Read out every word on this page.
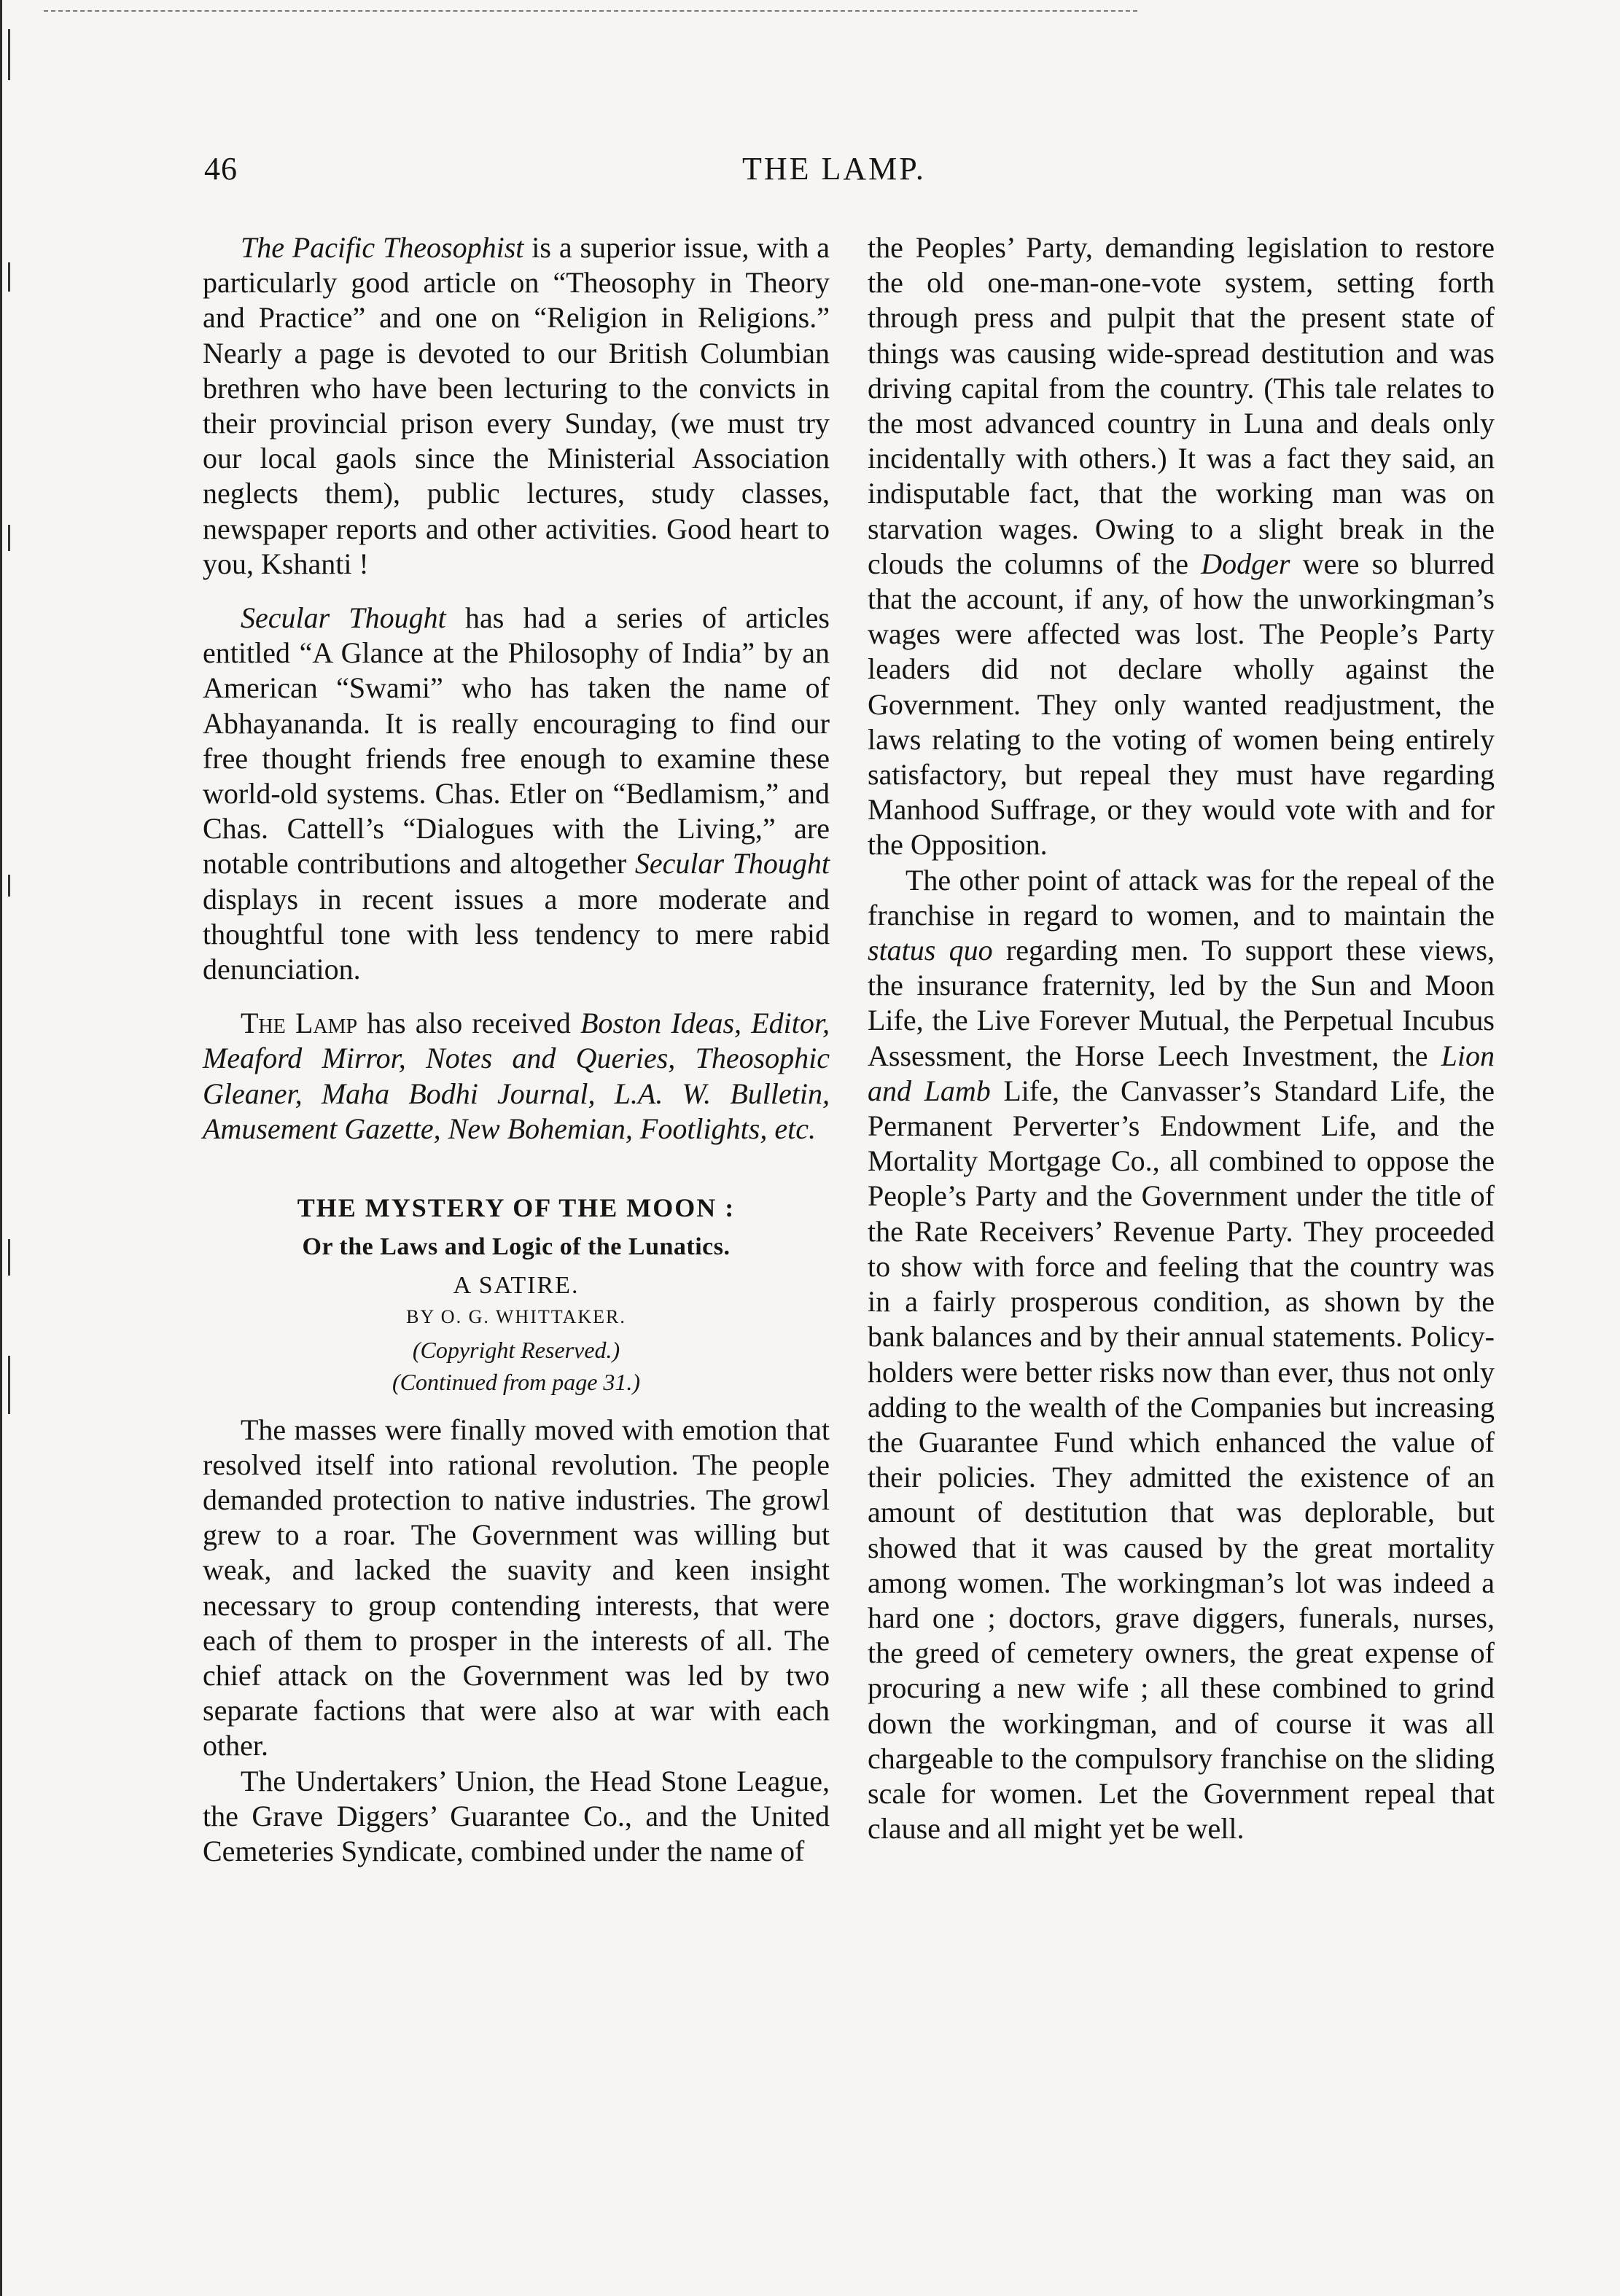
46	THE LAMP.

The Pacific Theosophist is a superior issue, with a particularly good article on “Theosophy in Theory and Practice” and one on “Religion in Religions.” Nearly a page is devoted to our British Columbian brethren who have been lecturing to the convicts in their provincial prison every Sunday, (we must try our local gaols since the Ministerial Association neglects them), public lectures, study classes, newspaper reports and other activities. Good heart to you, Kshanti !

Secular Thought has had a series of articles entitled “A Glance at the Philosophy of India” by an American “Swami” who has taken the name of Abhayananda. It is really encouraging to find our free thought friends free enough to examine these world-old systems. Chas. Etler on “Bedlamism,” and Chas. Cattell’s “Dialogues with the Living,” are notable contributions and altogether Secular Thought displays in recent issues a more moderate and thoughtful tone with less tendency to mere rabid denunciation.

The Lamp has also received Boston Ideas, Editor, Meaford Mirror, Notes and Queries, Theosophic Gleaner, Maha Bodhi Journal, L.A. W. Bulletin, Amusement Gazette, New Bohemian, Footlights, etc.

THE MYSTERY OF THE MOON :
Or the Laws and Logic of the Lunatics.
A SATIRE.
BY O. G. WHITTAKER.
(Copyright Reserved.)
(Continued from page 31.)

The masses were finally moved with emotion that resolved itself into rational revolution. The people demanded protection to native industries. The growl grew to a roar. The Government was willing but weak, and lacked the suavity and keen insight necessary to group contending interests, that were each of them to prosper in the interests of all. The chief attack on the Government was led by two separate factions that were also at war with each other.

The Undertakers’ Union, the Head Stone League, the Grave Diggers’ Guarantee Co., and the United Cemeteries Syndicate, combined under the name of

the Peoples’ Party, demanding legislation to restore the old one-man-one-vote system, setting forth through press and pulpit that the present state of things was causing wide-spread destitution and was driving capital from the country. (This tale relates to the most advanced country in Luna and deals only incidentally with others.) It was a fact they said, an indisputable fact, that the working man was on starvation wages. Owing to a slight break in the clouds the columns of the Dodger were so blurred that the account, if any, of how the unworkingman’s wages were affected was lost. The People’s Party leaders did not declare wholly against the Government. They only wanted readjustment, the laws relating to the voting of women being entirely satisfactory, but repeal they must have regarding Manhood Suffrage, or they would vote with and for the Opposition.

The other point of attack was for the repeal of the franchise in regard to women, and to maintain the status quo regarding men. To support these views, the insurance fraternity, led by the Sun and Moon Life, the Live Forever Mutual, the Perpetual Incubus Assessment, the Horse Leech Investment, the Lion and Lamb Life, the Canvasser’s Standard Life, the Permanent Perverter’s Endowment Life, and the Mortality Mortgage Co., all combined to oppose the People’s Party and the Government under the title of the Rate Receivers’ Revenue Party. They proceeded to show with force and feeling that the country was in a fairly prosperous condition, as shown by the bank balances and by their annual statements. Policy-holders were better risks now than ever, thus not only adding to the wealth of the Companies but increasing the Guarantee Fund which enhanced the value of their policies. They admitted the existence of an amount of destitution that was deplorable, but showed that it was caused by the great mortality among women. The workingman’s lot was indeed a hard one ; doctors, grave diggers, funerals, nurses, the greed of cemetery owners, the great expense of procuring a new wife ; all these combined to grind down the workingman, and of course it was all chargeable to the compulsory franchise on the sliding scale for women. Let the Government repeal that clause and all might yet be well.
